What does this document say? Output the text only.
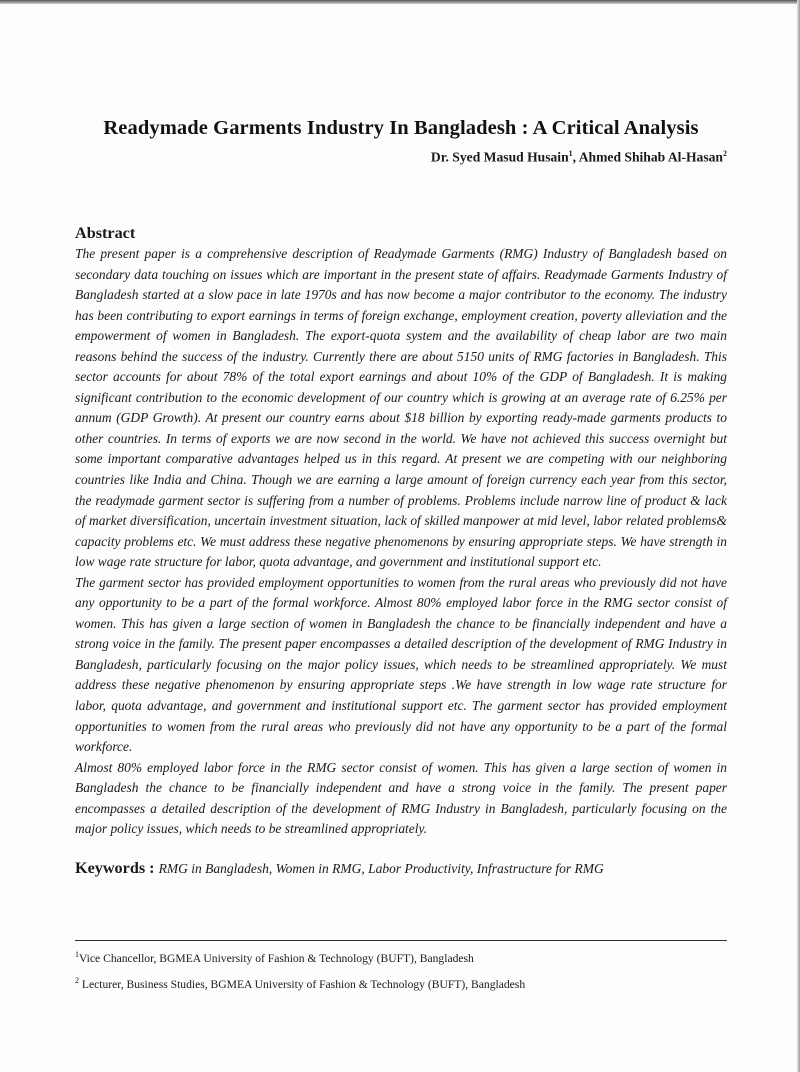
Readymade Garments Industry In Bangladesh : A Critical Analysis
Dr. Syed Masud Husain$^1$, Ahmed Shihab Al-Hasan$^2$
Abstract

The present paper is a comprehensive description of Readymade Garments (RMG) Industry of Bangladesh based on secondary data touching on issues which are important in the present state of affairs. Readymade Garments Industry of Bangladesh started at a slow pace in late 1970s and has now become a major contributor to the economy. The industry has been contributing to export earnings in terms of foreign exchange, employment creation, poverty alleviation and the empowerment of women in Bangladesh. The export-quota system and the availability of cheap labor are two main reasons behind the success of the industry. Currently there are about 5150 units of RMG factories in Bangladesh. This sector accounts for about 78% of the total export earnings and about 10% of the GDP of Bangladesh. It is making significant contribution to the economic development of our country which is growing at an average rate of 6.25% per annum (GDP Growth). At present our country earns about $18 billion by exporting ready-made garments products to other countries. In terms of exports we are now second in the world. We have not achieved this success overnight but some important comparative advantages helped us in this regard. At present we are competing with our neighboring countries like India and China. Though we are earning a large amount of foreign currency each year from this sector, the readymade garment sector is suffering from a number of problems. Problems include narrow line of product & lack of market diversification, uncertain investment situation, lack of skilled manpower at mid level, labor related problems& capacity problems etc. We must address these negative phenomenons by ensuring appropriate steps. We have strength in low wage rate structure for labor, quota advantage, and government and institutional support etc.

The garment sector has provided employment opportunities to women from the rural areas who previously did not have any opportunity to be a part of the formal workforce. Almost 80% employed labor force in the RMG sector consist of women. This has given a large section of women in Bangladesh the chance to be financially independent and have a strong voice in the family. The present paper encompasses a detailed description of the development of RMG Industry in Bangladesh, particularly focusing on the major policy issues, which needs to be streamlined appropriately. We must address these negative phenomenon by ensuring appropriate steps .We have strength in low wage rate structure for labor, quota advantage, and government and institutional support etc. The garment sector has provided employment opportunities to women from the rural areas who previously did not have any opportunity to be a part of the formal workforce.

Almost 80% employed labor force in the RMG sector consist of women. This has given a large section of women in Bangladesh the chance to be financially independent and have a strong voice in the family. The present paper encompasses a detailed description of the development of RMG Industry in Bangladesh, particularly focusing on the major policy issues, which needs to be streamlined appropriately.

Keywords : RMG in Bangladesh, Women in RMG, Labor Productivity, Infrastructure for RMG
$^1$Vice Chancellor, BGMEA University of Fashion & Technology (BUFT), Bangladesh
$^2$ Lecturer, Business Studies, BGMEA University of Fashion & Technology (BUFT), Bangladesh
